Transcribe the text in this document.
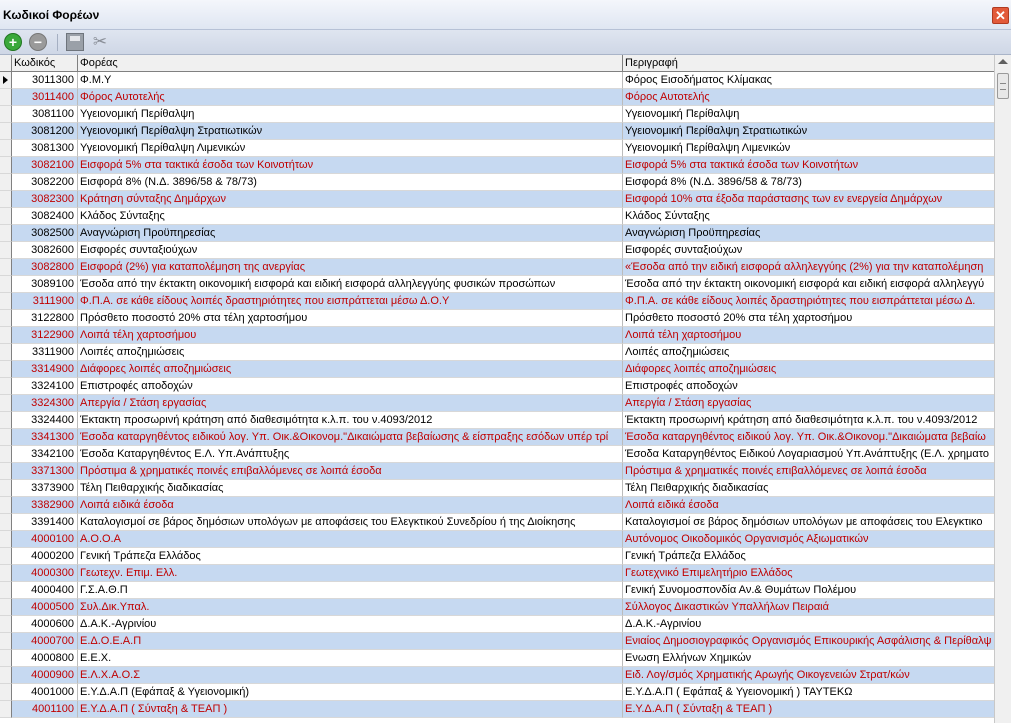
Κωδικοί Φορέων	✕
+	−	✂
Κωδικός	Φορέας	Περιγραφή
3011300 Φ.Μ.Υ	Φόρος Εισοδήματος Κλίμακας
3011400 Φόρος Αυτοτελής	Φόρος Αυτοτελής
3081100 Υγειονομική Περίθαλψη	Υγειονομική Περίθαλψη
3081200 Υγειονομική Περίθαλψη Στρατιωτικών	Υγειονομική Περίθαλψη Στρατιωτικών
3081300 Υγειονομική Περίθαλψη Λιμενικών	Υγειονομική Περίθαλψη Λιμενικών
3082100 Εισφορά 5% στα τακτικά έσοδα των Κοινοτήτων	Εισφορά 5% στα τακτικά έσοδα των Κοινοτήτων
3082200 Εισφορά 8% (Ν.Δ. 3896/58 & 78/73)	Εισφορά 8% (Ν.Δ. 3896/58 & 78/73)
3082300 Κράτηση σύνταξης Δημάρχων	Εισφορά 10% στα έξοδα παράστασης των εν ενεργεία Δημάρχων
3082400 Κλάδος Σύνταξης	Κλάδος Σύνταξης
3082500 Αναγνώριση Προϋπηρεσίας	Αναγνώριση Προϋπηρεσίας
3082600 Εισφορές συνταξιούχων	Εισφορές συνταξιούχων
3082800 Εισφορά (2%) για καταπολέμηση της ανεργίας	«Έσοδα από την ειδική εισφορά αλληλεγγύης (2%) για την καταπολέμηση
3089100 Έσοδα από την έκτακτη οικονομική εισφορά και ειδική εισφορά αλληλεγγύης φυσικών προσώπων	Έσοδα από την έκτακτη οικονομική εισφορά και ειδική εισφορά αλληλεγγύ
3111900 Φ.Π.Α. σε κάθε είδους λοιπές δραστηριότητες που εισπράττεται μέσω Δ.Ο.Υ	Φ.Π.Α. σε κάθε είδους λοιπές δραστηριότητες που εισπράττεται μέσω Δ.
3122800 Πρόσθετο ποσοστό 20% στα τέλη χαρτοσήμου	Πρόσθετο ποσοστό 20% στα τέλη χαρτοσήμου
3122900 Λοιπά τέλη χαρτοσήμου	Λοιπά τέλη χαρτοσήμου
3311900 Λοιπές αποζημιώσεις	Λοιπές αποζημιώσεις
3314900 Διάφορες λοιπές αποζημιώσεις	Διάφορες λοιπές αποζημιώσεις
3324100 Επιστροφές αποδοχών	Επιστροφές αποδοχών
3324300 Απεργία / Στάση εργασίας	Απεργία / Στάση εργασίας
3324400 Έκτακτη προσωρινή κράτηση από διαθεσιμότητα κ.λ.π. του ν.4093/2012	Έκτακτη προσωρινή κράτηση από διαθεσιμότητα κ.λ.π. του ν.4093/2012
3341300 Έσοδα καταργηθέντος ειδικού λογ. Υπ. Οικ.&Οικονομ."Δικαιώματα βεβαίωσης & είσπραξης εσόδων υπέρ τρί	Έσοδα καταργηθέντος ειδικού λογ. Υπ. Οικ.&Οικονομ."Δικαιώματα βεβαίω
3342100 Έσοδα Καταργηθέντος Ε.Λ. Υπ.Ανάπτυξης	Έσοδα Καταργηθέντος Ειδικού Λογαριασμού Υπ.Ανάπτυξης (Ε.Λ. χρηματο
3371300 Πρόστιμα & χρηματικές ποινές επιβαλλόμενες σε λοιπά έσοδα	Πρόστιμα & χρηματικές ποινές επιβαλλόμενες σε λοιπά έσοδα
3373900 Τέλη Πειθαρχικής διαδικασίας	Τέλη Πειθαρχικής διαδικασίας
3382900 Λοιπά ειδικά έσοδα	Λοιπά ειδικά έσοδα
3391400 Καταλογισμοί σε βάρος δημόσιων υπολόγων με αποφάσεις του Ελεγκτικού Συνεδρίου ή της Διοίκησης	Καταλογισμοί σε βάρος δημόσιων υπολόγων με αποφάσεις του Ελεγκτικο
4000100 Α.Ο.Ο.Α	Αυτόνομος Οικοδομικός Οργανισμός Αξιωματικών
4000200 Γενική Τράπεζα Ελλάδος	Γενική Τράπεζα Ελλάδος
4000300 Γεωτεχν. Επιμ. Ελλ.	Γεωτεχνικό Επιμελητήριο Ελλάδος
4000400 Γ.Σ.Α.Θ.Π	Γενική Συνομοσπονδία Αν.& Θυμάτων Πολέμου
4000500 Συλ.Δικ.Υπαλ.	Σύλλογος Δικαστικών Υπαλλήλων Πειραιά
4000600 Δ.Α.Κ.-Αγρινίου	Δ.Α.Κ.-Αγρινίου
4000700 Ε.Δ.Ο.Ε.Α.Π	Ενιαίος Δημοσιογραφικός Οργανισμός Επικουρικής Ασφάλισης & Περίθαλψ
4000800 Ε.Ε.Χ.	Ενωση Ελλήνων Χημικών
4000900 Ε.Λ.Χ.Α.Ο.Σ	Ειδ. Λογ/σμός Χρηματικής Αρωγής Οικογενειών Στρατ/κών
4001000 Ε.Υ.Δ.Α.Π (Εφάπαξ & Υγειονομική)	Ε.Υ.Δ.Α.Π ( Εφάπαξ & Υγειονομική ) ΤΑΥΤΕΚΩ
4001100 Ε.Υ.Δ.Α.Π ( Σύνταξη & ΤΕΑΠ )	Ε.Υ.Δ.Α.Π ( Σύνταξη & ΤΕΑΠ )
